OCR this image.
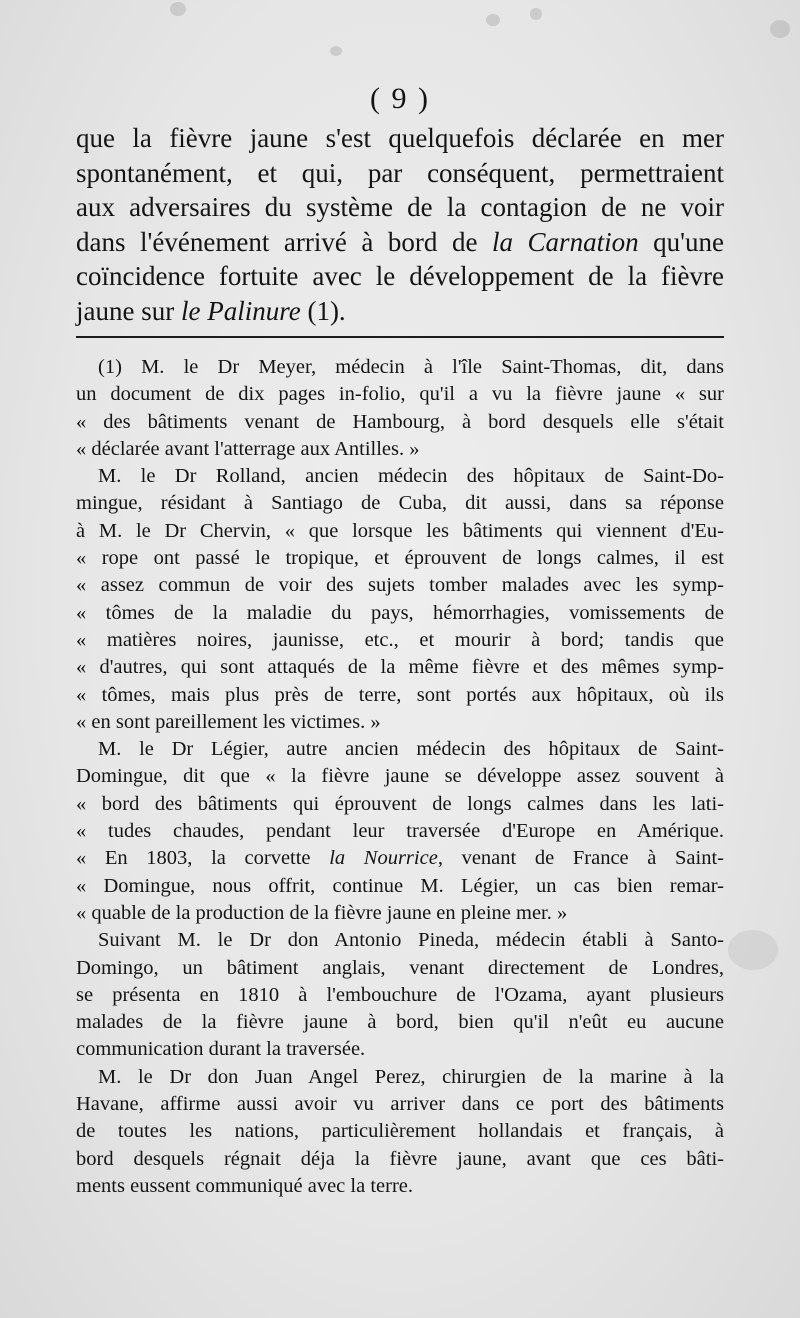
( 9 )
que la fièvre jaune s'est quelquefois déclarée en mer
spontanément, et qui, par conséquent, permettraient
aux adversaires du système de la contagion de ne voir
dans l'événement arrivé à bord de la Carnation qu'une
coïncidence fortuite avec le développement de la fièvre
jaune sur le Palinure (1).
(1) M. le Dr Meyer, médecin à l'île Saint-Thomas, dit, dans
un document de dix pages in-folio, qu'il a vu la fièvre jaune « sur
« des bâtiments venant de Hambourg, à bord desquels elle s'était
« déclarée avant l'atterrage aux Antilles. »
M. le Dr Rolland, ancien médecin des hôpitaux de Saint-Do-
mingue, résidant à Santiago de Cuba, dit aussi, dans sa réponse
à M. le Dr Chervin, « que lorsque les bâtiments qui viennent d'Eu-
« rope ont passé le tropique, et éprouvent de longs calmes, il est
« assez commun de voir des sujets tomber malades avec les symp-
« tômes de la maladie du pays, hémorrhagies, vomissements de
« matières noires, jaunisse, etc., et mourir à bord; tandis que
« d'autres, qui sont attaqués de la même fièvre et des mêmes symp-
« tômes, mais plus près de terre, sont portés aux hôpitaux, où ils
« en sont pareillement les victimes. »
M. le Dr Légier, autre ancien médecin des hôpitaux de Saint-
Domingue, dit que « la fièvre jaune se développe assez souvent à
« bord des bâtiments qui éprouvent de longs calmes dans les lati-
« tudes chaudes, pendant leur traversée d'Europe en Amérique.
« En 1803, la corvette la Nourrice, venant de France à Saint-
« Domingue, nous offrit, continue M. Légier, un cas bien remar-
« quable de la production de la fièvre jaune en pleine mer. »
Suivant M. le Dr don Antonio Pineda, médecin établi à Santo-
Domingo, un bâtiment anglais, venant directement de Londres,
se présenta en 1810 à l'embouchure de l'Ozama, ayant plusieurs
malades de la fièvre jaune à bord, bien qu'il n'eût eu aucune
communication durant la traversée.
M. le Dr don Juan Angel Perez, chirurgien de la marine à la
Havane, affirme aussi avoir vu arriver dans ce port des bâtiments
de toutes les nations, particulièrement hollandais et français, à
bord desquels régnait déja la fièvre jaune, avant que ces bâti-
ments eussent communiqué avec la terre.
